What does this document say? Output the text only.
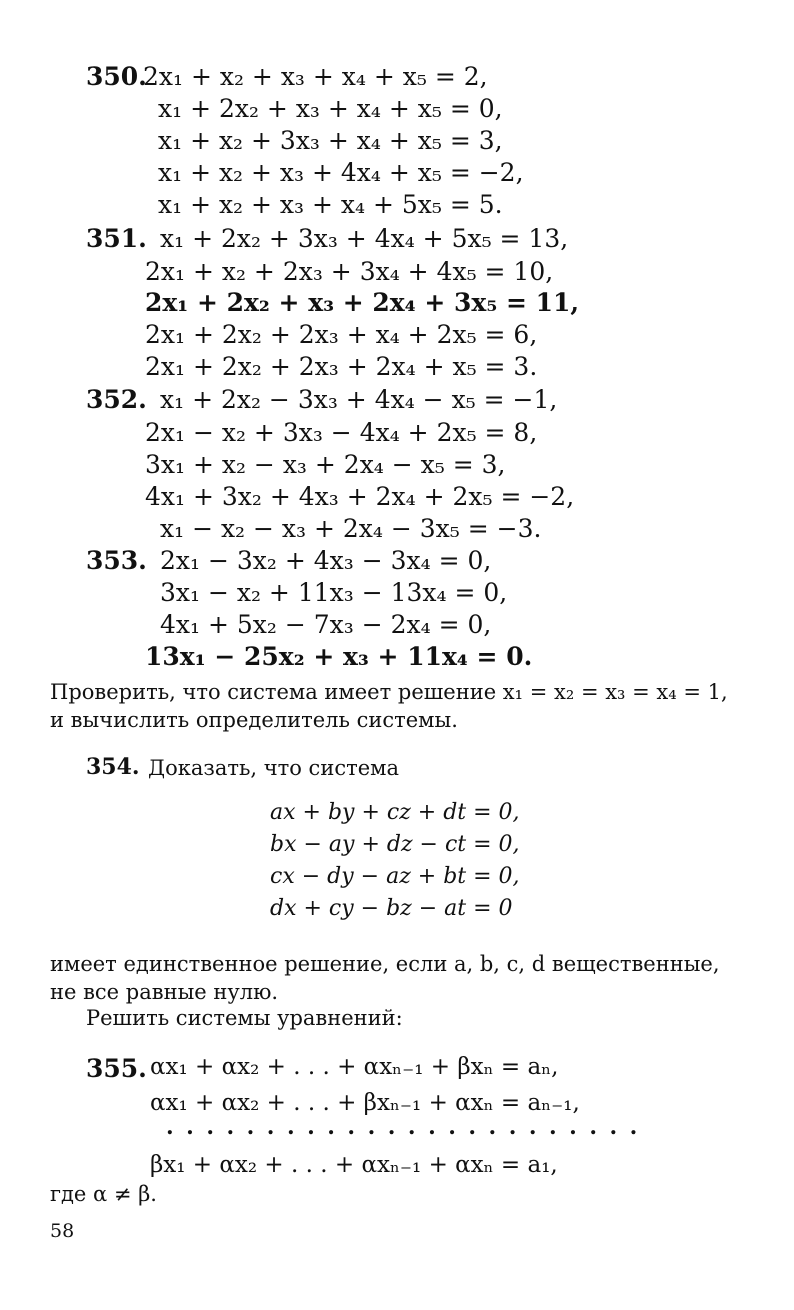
350.
2x₁ + x₂ + x₃ + x₄ + x₅ = 2,
x₁ + 2x₂ + x₃ + x₄ + x₅ = 0,
x₁ + x₂ + 3x₃ + x₄ + x₅ = 3,
x₁ + x₂ + x₃ + 4x₄ + x₅ = −2,
x₁ + x₂ + x₃ + x₄ + 5x₅ = 5.
351. x₁ + 2x₂ + 3x₃ + 4x₄ + 5x₅ = 13,
2x₁ + x₂ + 2x₃ + 3x₄ + 4x₅ = 10,
2x₁ + 2x₂ + x₃ + 2x₄ + 3x₅ = 11,
2x₁ + 2x₂ + 2x₃ + x₄ + 2x₅ = 6,
2x₁ + 2x₂ + 2x₃ + 2x₄ + x₅ = 3.
352. x₁ + 2x₂ − 3x₃ + 4x₄ − x₅ = −1,
2x₁ − x₂ + 3x₃ − 4x₄ + 2x₅ = 8,
3x₁ + x₂ − x₃ + 2x₄ − x₅ = 3,
4x₁ + 3x₂ + 4x₃ + 2x₄ + 2x₅ = −2,
x₁ − x₂ − x₃ + 2x₄ − 3x₅ = −3.
353. 2x₁ − 3x₂ + 4x₃ − 3x₄ = 0,
3x₁ − x₂ + 11x₃ − 13x₄ = 0,
4x₁ + 5x₂ − 7x₃ − 2x₄ = 0,
13x₁ − 25x₂ + x₃ + 11x₄ = 0.
Проверить, что система имеет решение x₁ = x₂ = x₃ = x₄ = 1,
и вычислить определитель системы.
354. Доказать, что система
ax + by + cz + dt = 0,
bx − ay + dz − ct = 0,
cx − dy − az + bt = 0,
dx + cy − bz − at = 0
имеет единственное решение, если a, b, c, d вещественные,
не все равные нулю.
Решить системы уравнений:
355. αx₁ + αx₂ + . . . + αxₙ₋₁ + βxₙ = aₙ,
αx₁ + αx₂ + . . . + βxₙ₋₁ + αxₙ = aₙ₋₁,
........................
βx₁ + αx₂ + . . . + αxₙ₋₁ + αxₙ = a₁,
где α ≠ β.
58
